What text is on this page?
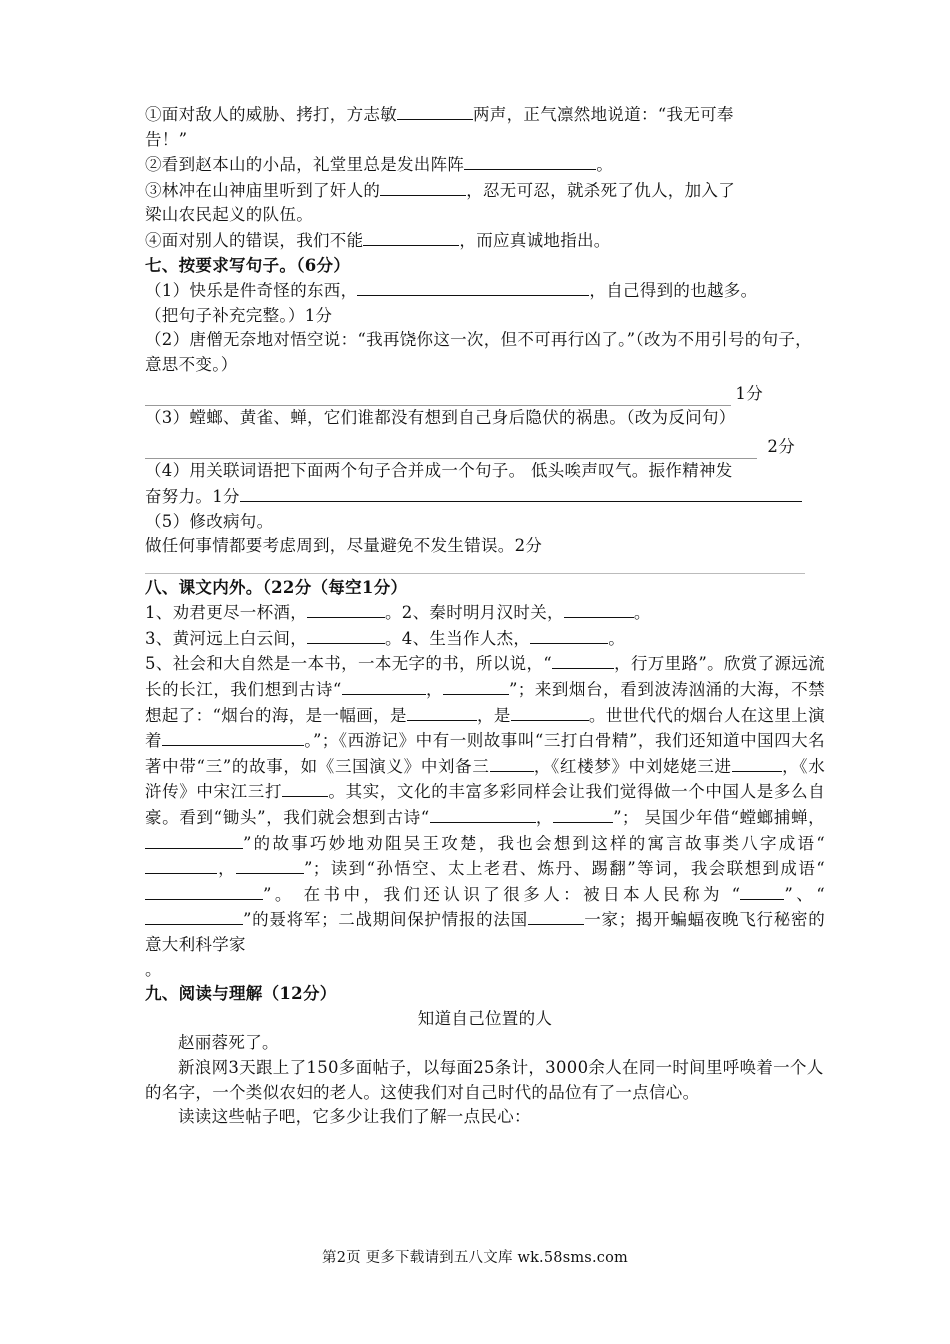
①面对敌人的威胁、拷打，方志敏	两声，正气凛然地说道：“我无可奉
告！”

②看到赵本山的小品，礼堂里总是发出阵阵	。

③林冲在山神庙里听到了奸人的	，忍无可忍，就杀死了仇人，加入了
梁山农民起义的队伍。

④面对别人的错误，我们不能	，而应真诚地指出。

七、按要求写句子。（6分）

（1）快乐是件奇怪的东西，	，自己得到的也越多。
（把句子补充完整。）1分

（2）唐僧无奈地对悟空说：“我再饶你这一次，但不可再行凶了。”（改为不用引号的句子，意思不变。）

1分

（3）螳螂、黄雀、蝉，它们谁都没有想到自己身后隐伏的祸患。（改为反问句）

2分

（4）用关联词语把下面两个句子合并成一个句子。 低头唉声叹气。振作精神发
奋努力。1分

（5）修改病句。

做任何事情都要考虑周到，尽量避免不发生错误。2分

八、课文内外。（22分（每空1分）

1、劝君更尽一杯酒，	。2、秦时明月汉时关，	。

3、黄河远上白云间，	。4、生当作人杰，	。

5、社会和大自然是一本书，一本无字的书，所以说，“	，行万里路”。欣赏了源远流长的长江，我们想到古诗“	，	”；来到烟台，看到波涛汹涌的大海，不禁想起了：“烟台的海，是一幅画，是	，是	。世世代代的烟台人在这里上演着	。”；《西游记》中有一则故事叫“三打白骨精”，我们还知道中国四大名著中带“三”的故事，如《三国演义》中刘备三	，《红楼梦》中刘姥姥三进	，《水浒传》中宋江三打	。其实，文化的丰富多彩同样会让我们觉得做一个中国人是多么自豪。看到“锄头”，我们就会想到古诗“	，	”； 吴国少年借“螳螂捕蝉，”的故事巧妙地劝阻吴王攻楚，我也会想到这样的寓言故事类八字成语“，	”；读到“孙悟空、太上老君、炼丹、踢翻”等词，我会联想到成语“”。 在书中，我们还认识了很多人：被日本人民称为 “	”、“”的聂将军；二战期间保护情报的法国	一家；揭开蝙蝠夜晚飞行秘密的意大利科学家
。

九、阅读与理解（12分）

知道自己位置的人

赵丽蓉死了。

新浪网3天跟上了150多面帖子，以每面25条计，3000余人在同一时间里呼唤着一个人的名字，一个类似农妇的老人。这使我们对自己时代的品位有了一点信心。

读读这些帖子吧，它多少让我们了解一点民心：

第2页 更多下载请到五八文库 wk.58sms.com
